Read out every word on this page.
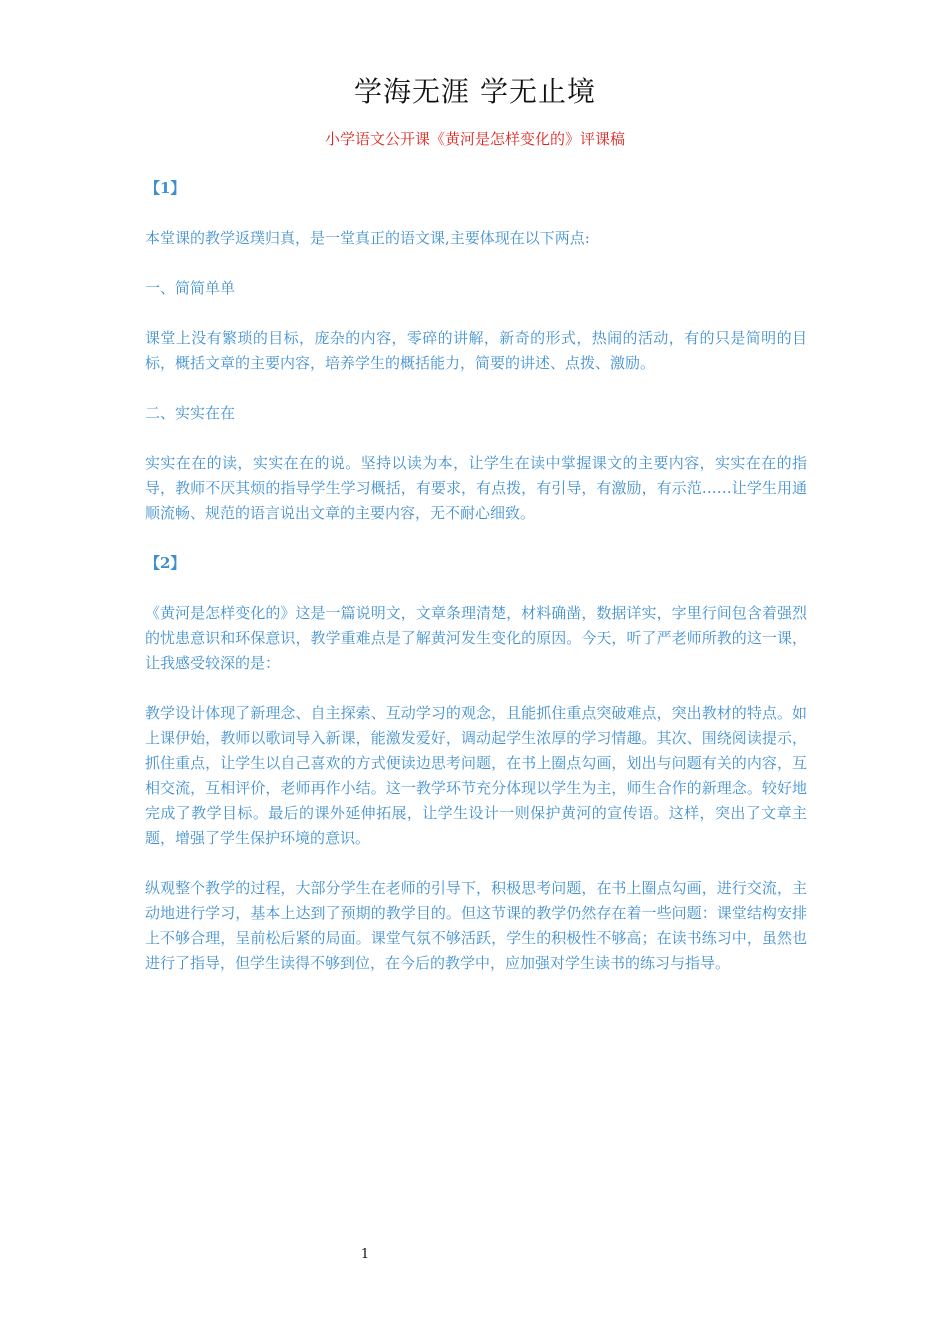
学海无涯 学无止境
小学语文公开课《黄河是怎样变化的》评课稿

【1】

本堂课的教学返璞归真，是一堂真正的语文课,主要体现在以下两点:

一、简简单单

课堂上没有繁琐的目标，庞杂的内容，零碎的讲解，新奇的形式，热闹的活动，有的只是简明的目标，概括文章的主要内容，培养学生的概括能力，简要的讲述、点拨、激励。

二、实实在在

实实在在的读，实实在在的说。坚持以读为本，让学生在读中掌握课文的主要内容，实实在在的指导，教师不厌其烦的指导学生学习概括，有要求，有点拨，有引导，有激励，有示范……让学生用通顺流畅、规范的语言说出文章的主要内容，无不耐心细致。

【2】

《黄河是怎样变化的》这是一篇说明文，文章条理清楚，材料确凿，数据详实，字里行间包含着强烈的忧患意识和环保意识，教学重难点是了解黄河发生变化的原因。今天，听了严老师所教的这一课，让我感受较深的是：

教学设计体现了新理念、自主探索、互动学习的观念，且能抓住重点突破难点，突出教材的特点。如上课伊始，教师以歌词导入新课，能激发爱好，调动起学生浓厚的学习情趣。其次、围绕阅读提示，抓住重点，让学生以自己喜欢的方式便读边思考问题，在书上圈点勾画，划出与问题有关的内容，互相交流，互相评价，老师再作小结。这一教学环节充分体现以学生为主，师生合作的新理念。较好地完成了教学目标。最后的课外延伸拓展，让学生设计一则保护黄河的宣传语。这样，突出了文章主题，增强了学生保护环境的意识。

纵观整个教学的过程，大部分学生在老师的引导下，积极思考问题，在书上圈点勾画，进行交流，主动地进行学习，基本上达到了预期的教学目的。但这节课的教学仍然存在着一些问题：课堂结构安排上不够合理，呈前松后紧的局面。课堂气氛不够活跃，学生的积极性不够高；在读书练习中，虽然也进行了指导，但学生读得不够到位，在今后的教学中，应加强对学生读书的练习与指导。

1
